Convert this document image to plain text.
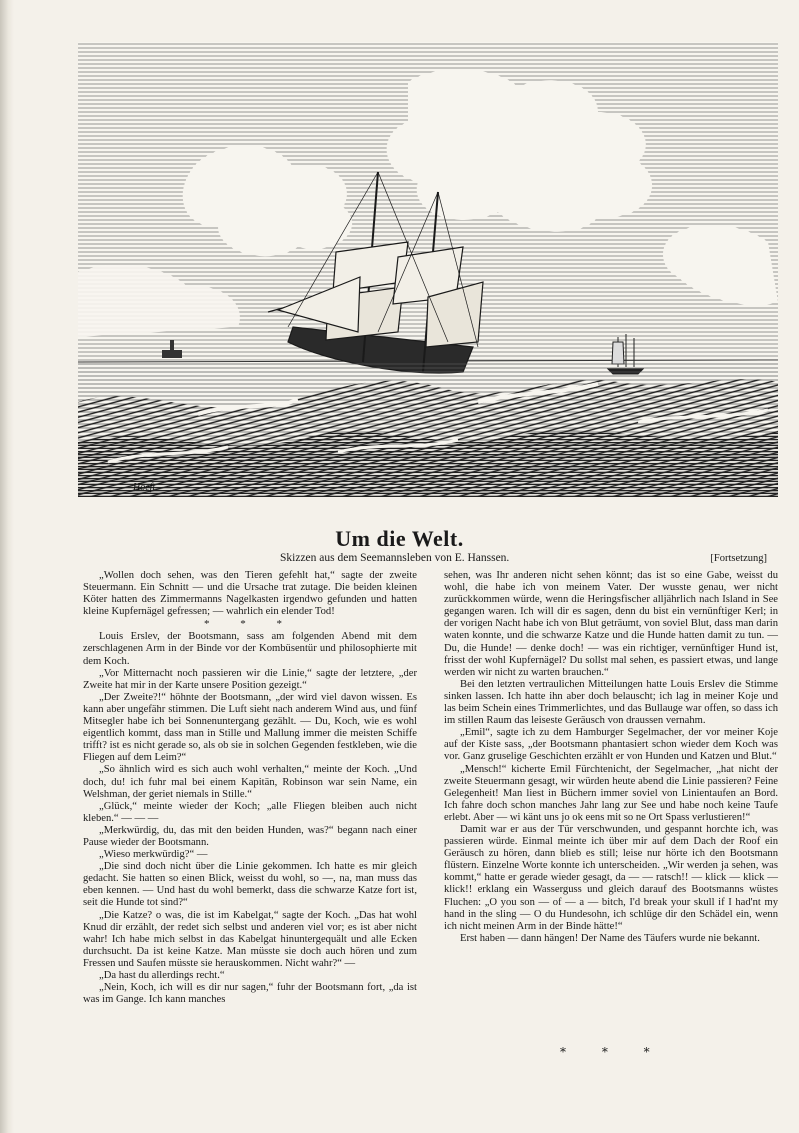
Hoeft
Um die Welt.
Skizzen aus dem Seemannsleben von E. Hanssen.	[Fortsetzung]

„Wollen doch sehen, was den Tieren gefehlt hat,“ sagte der zweite Steuermann. Ein Schnitt — und die Ursache trat zutage. Die beiden kleinen Köter hatten des Zimmermanns Nagelkasten irgendwo gefunden und hatten kleine Kupfernägel gefressen; — wahrlich ein elender Tod!

* * *

Louis Erslev, der Bootsmann, sass am folgenden Abend mit dem zerschlagenen Arm in der Binde vor der Kombüsentür und philosophierte mit dem Koch.

„Vor Mitternacht noch passieren wir die Linie,“ sagte der letztere, „der Zweite hat mir in der Karte unsere Position gezeigt.“

„Der Zweite?!“ höhnte der Bootsmann, „der wird viel davon wissen. Es kann aber ungefähr stimmen. Die Luft sieht nach anderem Wind aus, und fünf Mitsegler habe ich bei Sonnenuntergang gezählt. — Du, Koch, wie es wohl eigentlich kommt, dass man in Stille und Mallung immer die meisten Schiffe trifft? ist es nicht gerade so, als ob sie in solchen Gegenden festkleben, wie die Fliegen auf dem Leim?“

„So ähnlich wird es sich auch wohl verhalten,“ meinte der Koch. „Und doch, du! ich fuhr mal bei einem Kapitän, Robinson war sein Name, ein Welshman, der geriet niemals in Stille.“

„Glück,“ meinte wieder der Koch; „alle Fliegen bleiben auch nicht kleben.“ — — —

„Merkwürdig, du, das mit den beiden Hunden, was?“ begann nach einer Pause wieder der Bootsmann.

„Wieso merkwürdig?“ —

„Die sind doch nicht über die Linie gekommen. Ich hatte es mir gleich gedacht. Sie hatten so einen Blick, weisst du wohl, so —, na, man muss das eben kennen. — Und hast du wohl bemerkt, dass die schwarze Katze fort ist, seit die Hunde tot sind?“

„Die Katze? o was, die ist im Kabelgat,“ sagte der Koch. „Das hat wohl Knud dir erzählt, der redet sich selbst und anderen viel vor; es ist aber nicht wahr! Ich habe mich selbst in das Kabelgat hinuntergequält und alle Ecken durchsucht. Da ist keine Katze. Man müsste sie doch auch hören und zum Fressen und Saufen müsste sie herauskommen. Nicht wahr?“ —

„Da hast du allerdings recht.“

„Nein, Koch, ich will es dir nur sagen,“ fuhr der Bootsmann fort, „da ist was im Gange. Ich kann manches

sehen, was Ihr anderen nicht sehen könnt; das ist so eine Gabe, weisst du wohl, die habe ich von meinem Vater. Der wusste genau, wer nicht zurückkommen würde, wenn die Heringsfischer alljährlich nach Island in See gegangen waren. Ich will dir es sagen, denn du bist ein vernünftiger Kerl; in der vorigen Nacht habe ich von Blut geträumt, von soviel Blut, dass man darin waten konnte, und die schwarze Katze und die Hunde hatten damit zu tun. — Du, die Hunde! — denke doch! — was ein richtiger, vernünftiger Hund ist, frisst der wohl Kupfernägel? Du sollst mal sehen, es passiert etwas, und lange werden wir nicht zu warten brauchen.“

Bei den letzten vertraulichen Mitteilungen hatte Louis Erslev die Stimme sinken lassen. Ich hatte ihn aber doch belauscht; ich lag in meiner Koje und las beim Schein eines Trimmerlichtes, und das Bullauge war offen, so dass ich im stillen Raum das leiseste Geräusch von draussen vernahm.

„Emil“, sagte ich zu dem Hamburger Segelmacher, der vor meiner Koje auf der Kiste sass, „der Bootsmann phantasiert schon wieder dem Koch was vor. Ganz gruselige Geschichten erzählt er von Hunden und Katzen und Blut.“

„Mensch!“ kicherte Emil Fürchtenicht, der Segelmacher, „hat nicht der zweite Steuermann gesagt, wir würden heute abend die Linie passieren? Feine Gelegenheit! Man liest in Büchern immer soviel von Linientaufen an Bord. Ich fahre doch schon manches Jahr lang zur See und habe noch keine Taufe erlebt. Aber — wi känt uns jo ok eens mit so ne Ort Spass verlustieren!“

Damit war er aus der Tür verschwunden, und gespannt horchte ich, was passieren würde. Einmal meinte ich über mir auf dem Dach der Roof ein Geräusch zu hören, dann blieb es still; leise nur hörte ich den Bootsmann flüstern. Einzelne Worte konnte ich unterscheiden. „Wir werden ja sehen, was kommt,“ hatte er gerade wieder gesagt, da — — ratsch!! — klick — klick — klick!! erklang ein Wasserguss und gleich darauf des Bootsmanns wüstes Fluchen: „O you son — of — a — bitch, I'd break your skull if I had'nt my hand in the sling — O du Hundesohn, ich schlüge dir den Schädel ein, wenn ich nicht meinen Arm in der Binde hätte!“

Erst haben — dann hängen! Der Name des Täufers wurde nie bekannt.

* * *
